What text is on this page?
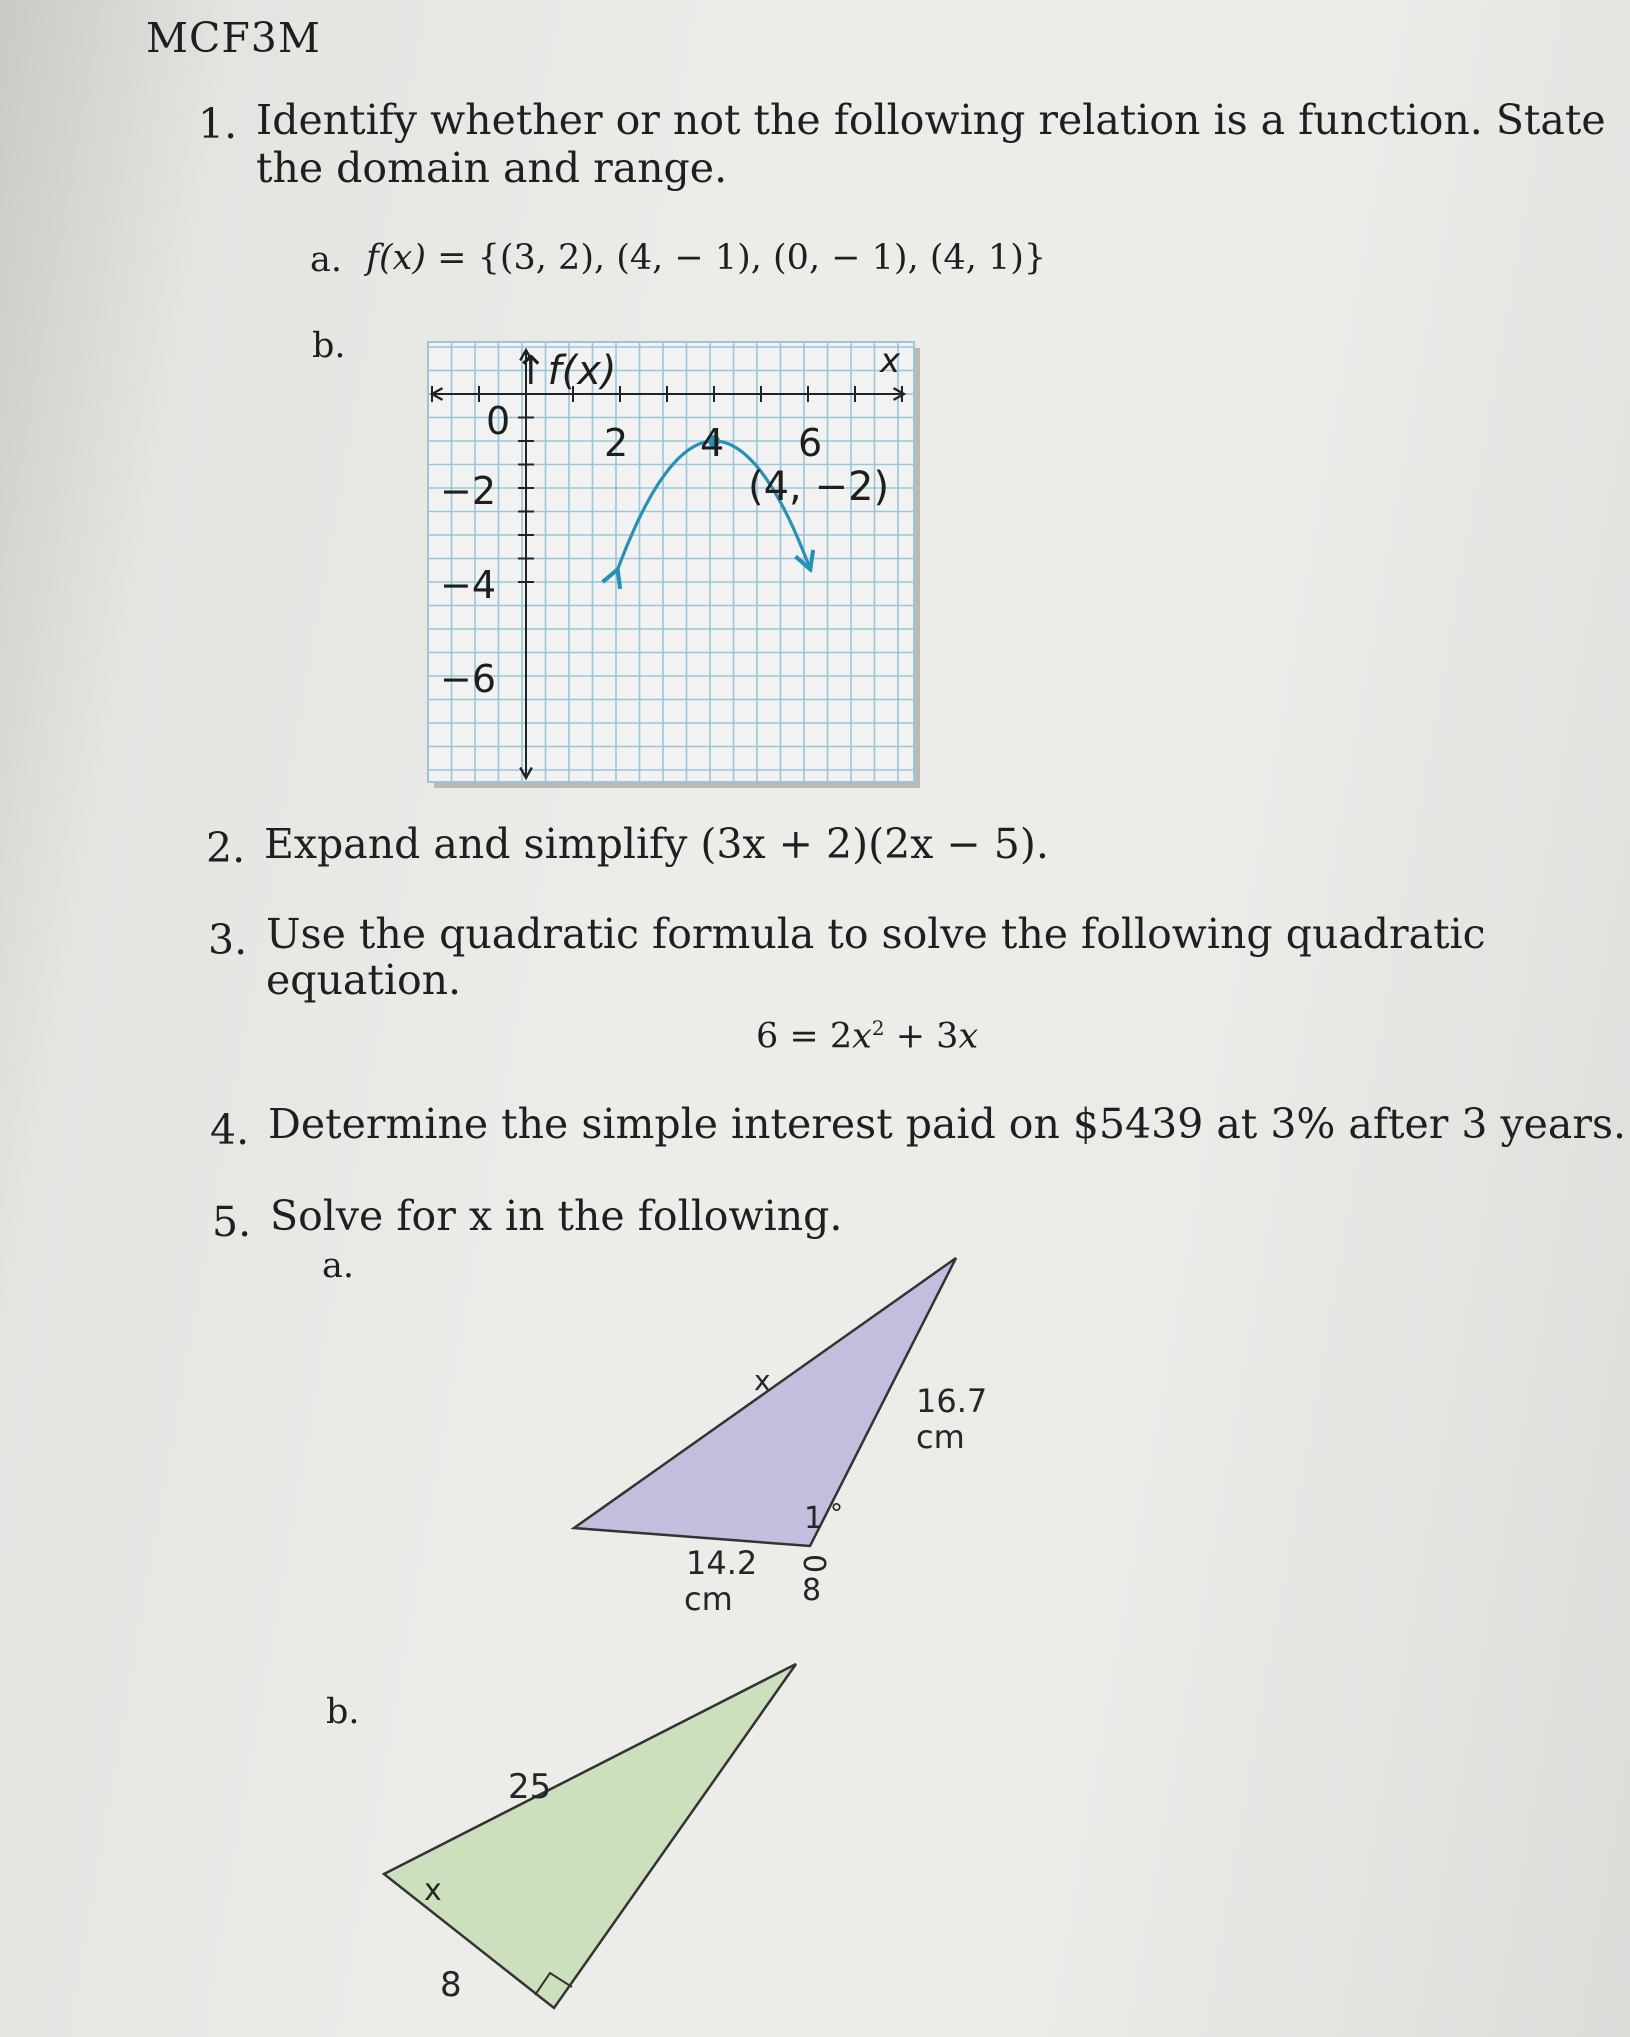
MCF3M
1. Identify whether or not the following relation is a function. State
the domain and range.
a. f(x) = {(3, 2), (4, − 1), (0, − 1), (4, 1)}
b.
↑f(x)	x
0 2 4 6
−2
−4
−6
(4, −2)
2. Expand and simplify (3x + 2)(2x − 5).
3. Use the quadratic formula to solve the following quadratic
equation.
$6 = 2x^2 + 3x$
4. Determine the simple interest paid on $5439 at 3% after 3 years.
5. Solve for x in the following.
a.
b.
x
16.7
cm
14.2
cm
1 °
0
8
25
x
8
